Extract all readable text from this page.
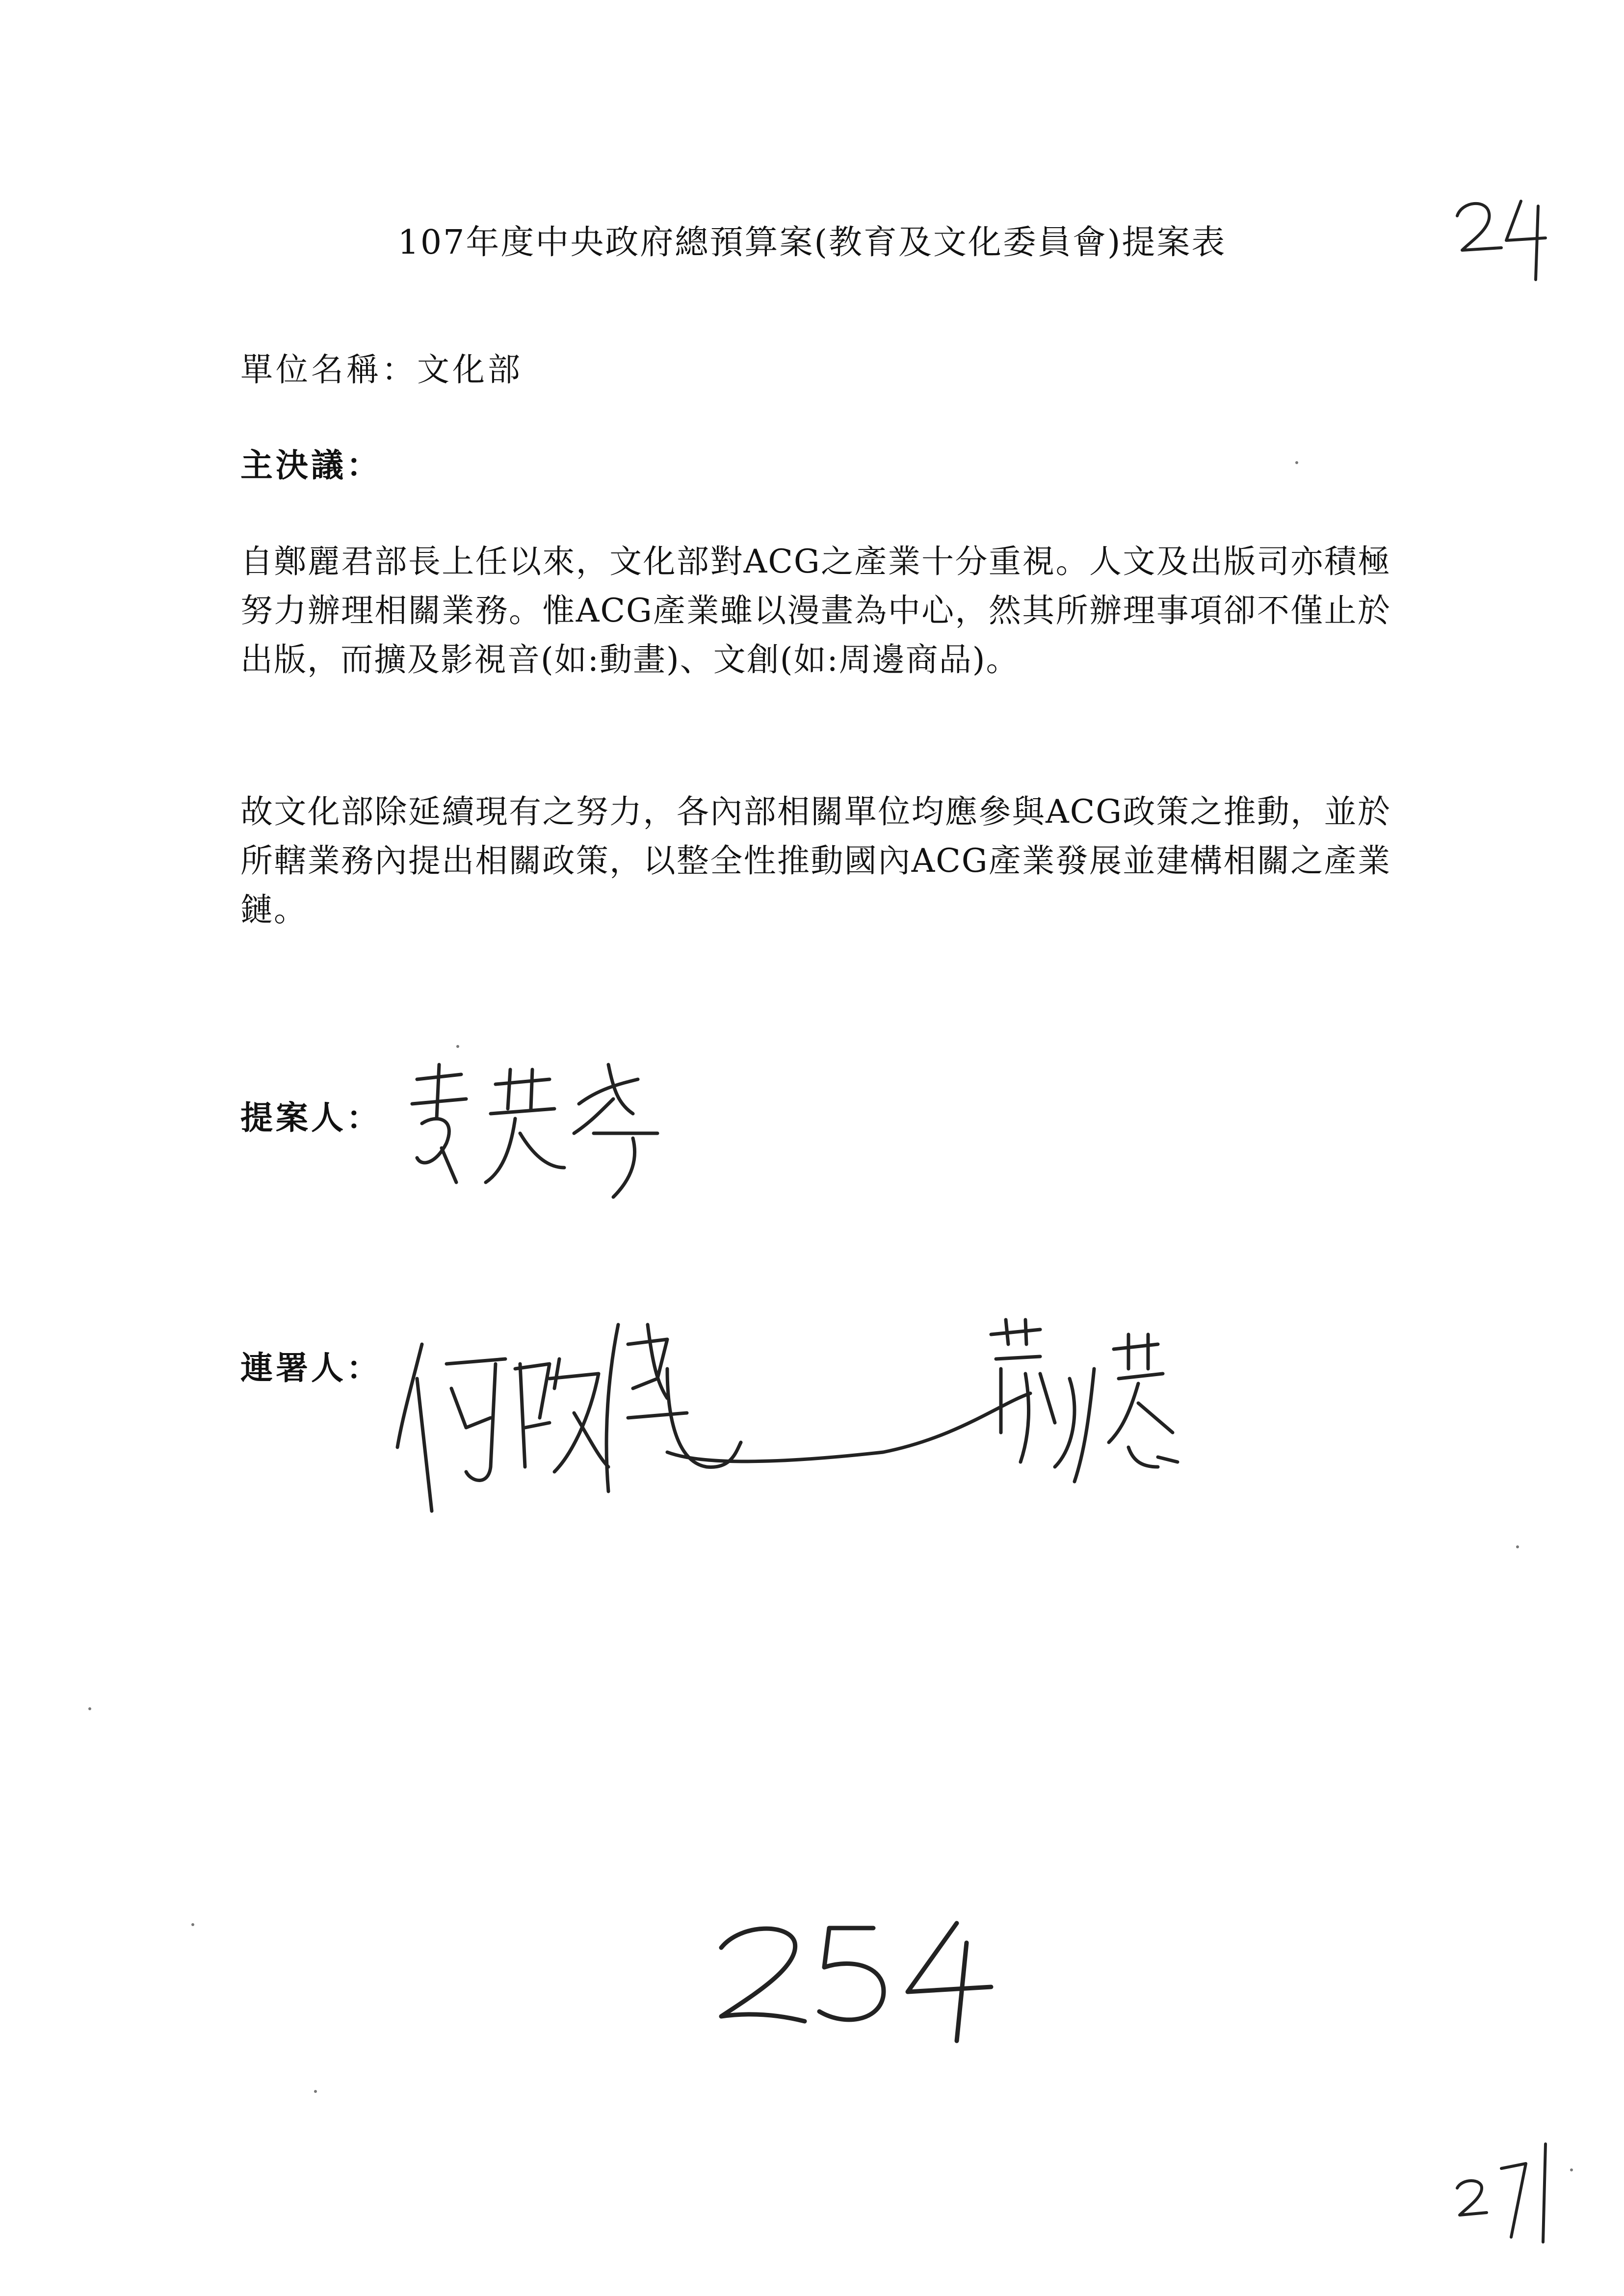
107年度中央政府總預算案(教育及文化委員會)提案表
單位名稱：文化部
主決議：

自鄭麗君部長上任以來，文化部對ACG之產業十分重視。人文及出版司亦積極努力辦理相關業務。惟ACG產業雖以漫畫為中心，然其所辦理事項卻不僅止於出版，而擴及影視音(如:動畫)、文創(如:周邊商品)。

故文化部除延續現有之努力，各內部相關單位均應參與ACG政策之推動，並於所轄業務內提出相關政策，以整全性推動國內ACG產業發展並建構相關之產業鏈。

提案人：
連署人：
